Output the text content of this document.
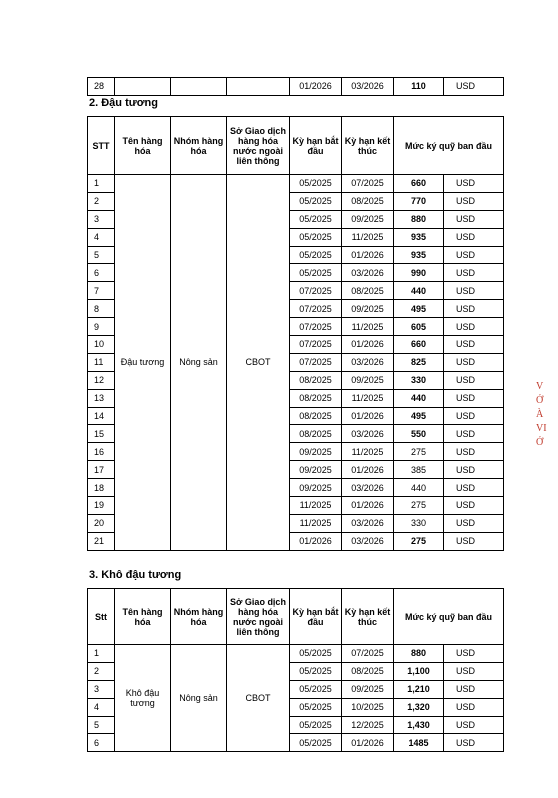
28				01/2026	03/2026	110	USD
2. Đậu tương
STT	Tên hàng hóa	Nhóm hàng hóa	Sở Giao dịch hàng hóa nước ngoài liên thông	Kỳ hạn bắt đầu	Kỳ hạn kết thúc	Mức ký quỹ ban đầu	
1	Đậu tương	Nông sản	CBOT	05/2025	07/2025	660	USD
2				05/2025	08/2025	770	USD
3				05/2025	09/2025	880	USD
4				05/2025	11/2025	935	USD
5				05/2025	01/2026	935	USD
6				05/2025	03/2026	990	USD
7				07/2025	08/2025	440	USD
8				07/2025	09/2025	495	USD
9				07/2025	11/2025	605	USD
10				07/2025	01/2026	660	USD
11				07/2025	03/2026	825	USD
12				08/2025	09/2025	330	USD
13				08/2025	11/2025	440	USD
14				08/2025	01/2026	495	USD
15				08/2025	03/2026	550	USD
16				09/2025	11/2025	275	USD
17				09/2025	01/2026	385	USD
18				09/2025	03/2026	440	USD
19				11/2025	01/2026	275	USD
20				11/2025	03/2026	330	USD
21				01/2026	03/2026	275	USD
3. Khô đậu tương
Stt	Tên hàng hóa	Nhóm hàng hóa	Sở Giao dịch hàng hóa nước ngoài liên thông	Kỳ hạn bắt đầu	Kỳ hạn kết thúc	Mức ký quỹ ban đầu	
1	Khô đậu tương	Nông sản	CBOT	05/2025	07/2025	880	USD
2				05/2025	08/2025	1,100	USD
3				05/2025	09/2025	1,210	USD
4				05/2025	10/2025	1,320	USD
5				05/2025	12/2025	1,430	USD
6				05/2025	01/2026	1485	USD
V
Ở
À
VI
Ở
